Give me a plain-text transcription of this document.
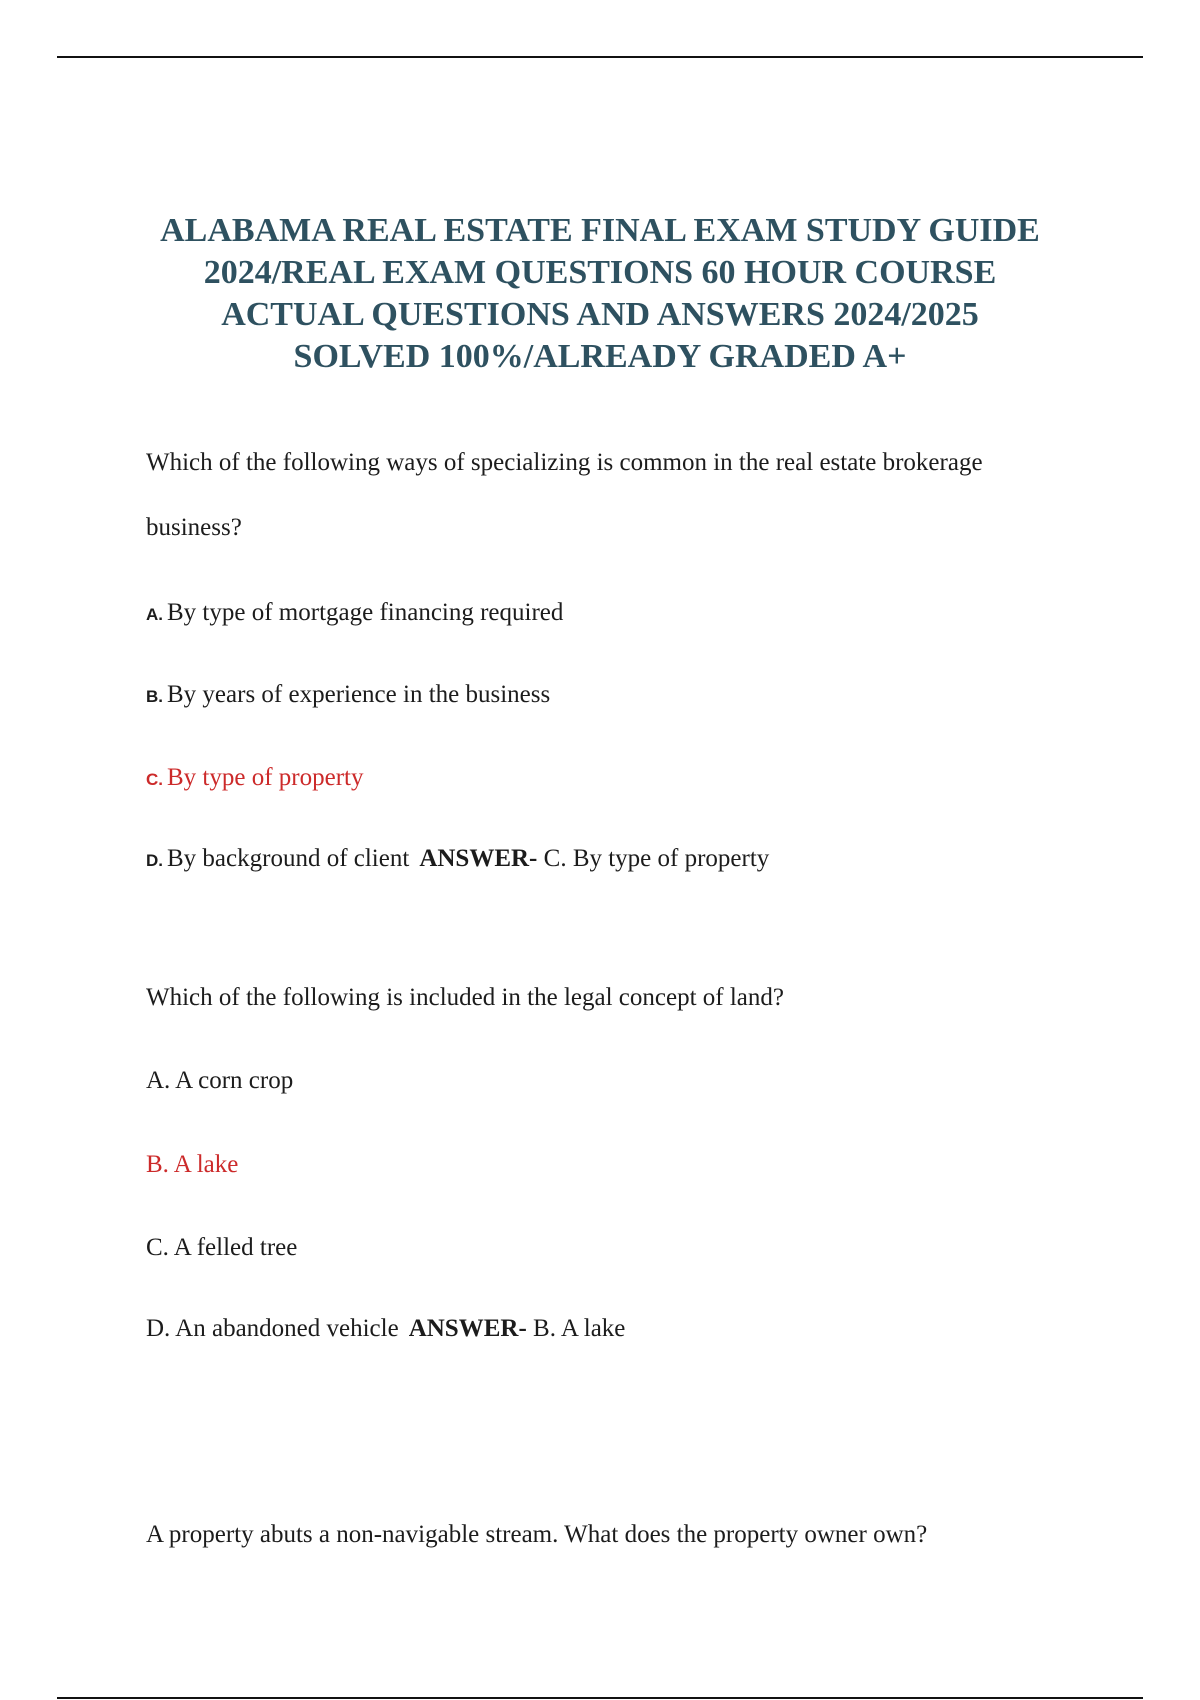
ALABAMA REAL ESTATE FINAL EXAM STUDY GUIDE
2024/REAL EXAM QUESTIONS 60 HOUR COURSE
ACTUAL QUESTIONS AND ANSWERS 2024/2025
SOLVED 100%/ALREADY GRADED A+
Which of the following ways of specializing is common in the real estate brokerage
business?
A. By type of mortgage financing required
B. By years of experience in the business
C. By type of property
D. By background of client ANSWER- C. By type of property
Which of the following is included in the legal concept of land?
A. A corn crop
B. A lake
C. A felled tree
D. An abandoned vehicle ANSWER- B. A lake
A property abuts a non-navigable stream. What does the property owner own?
